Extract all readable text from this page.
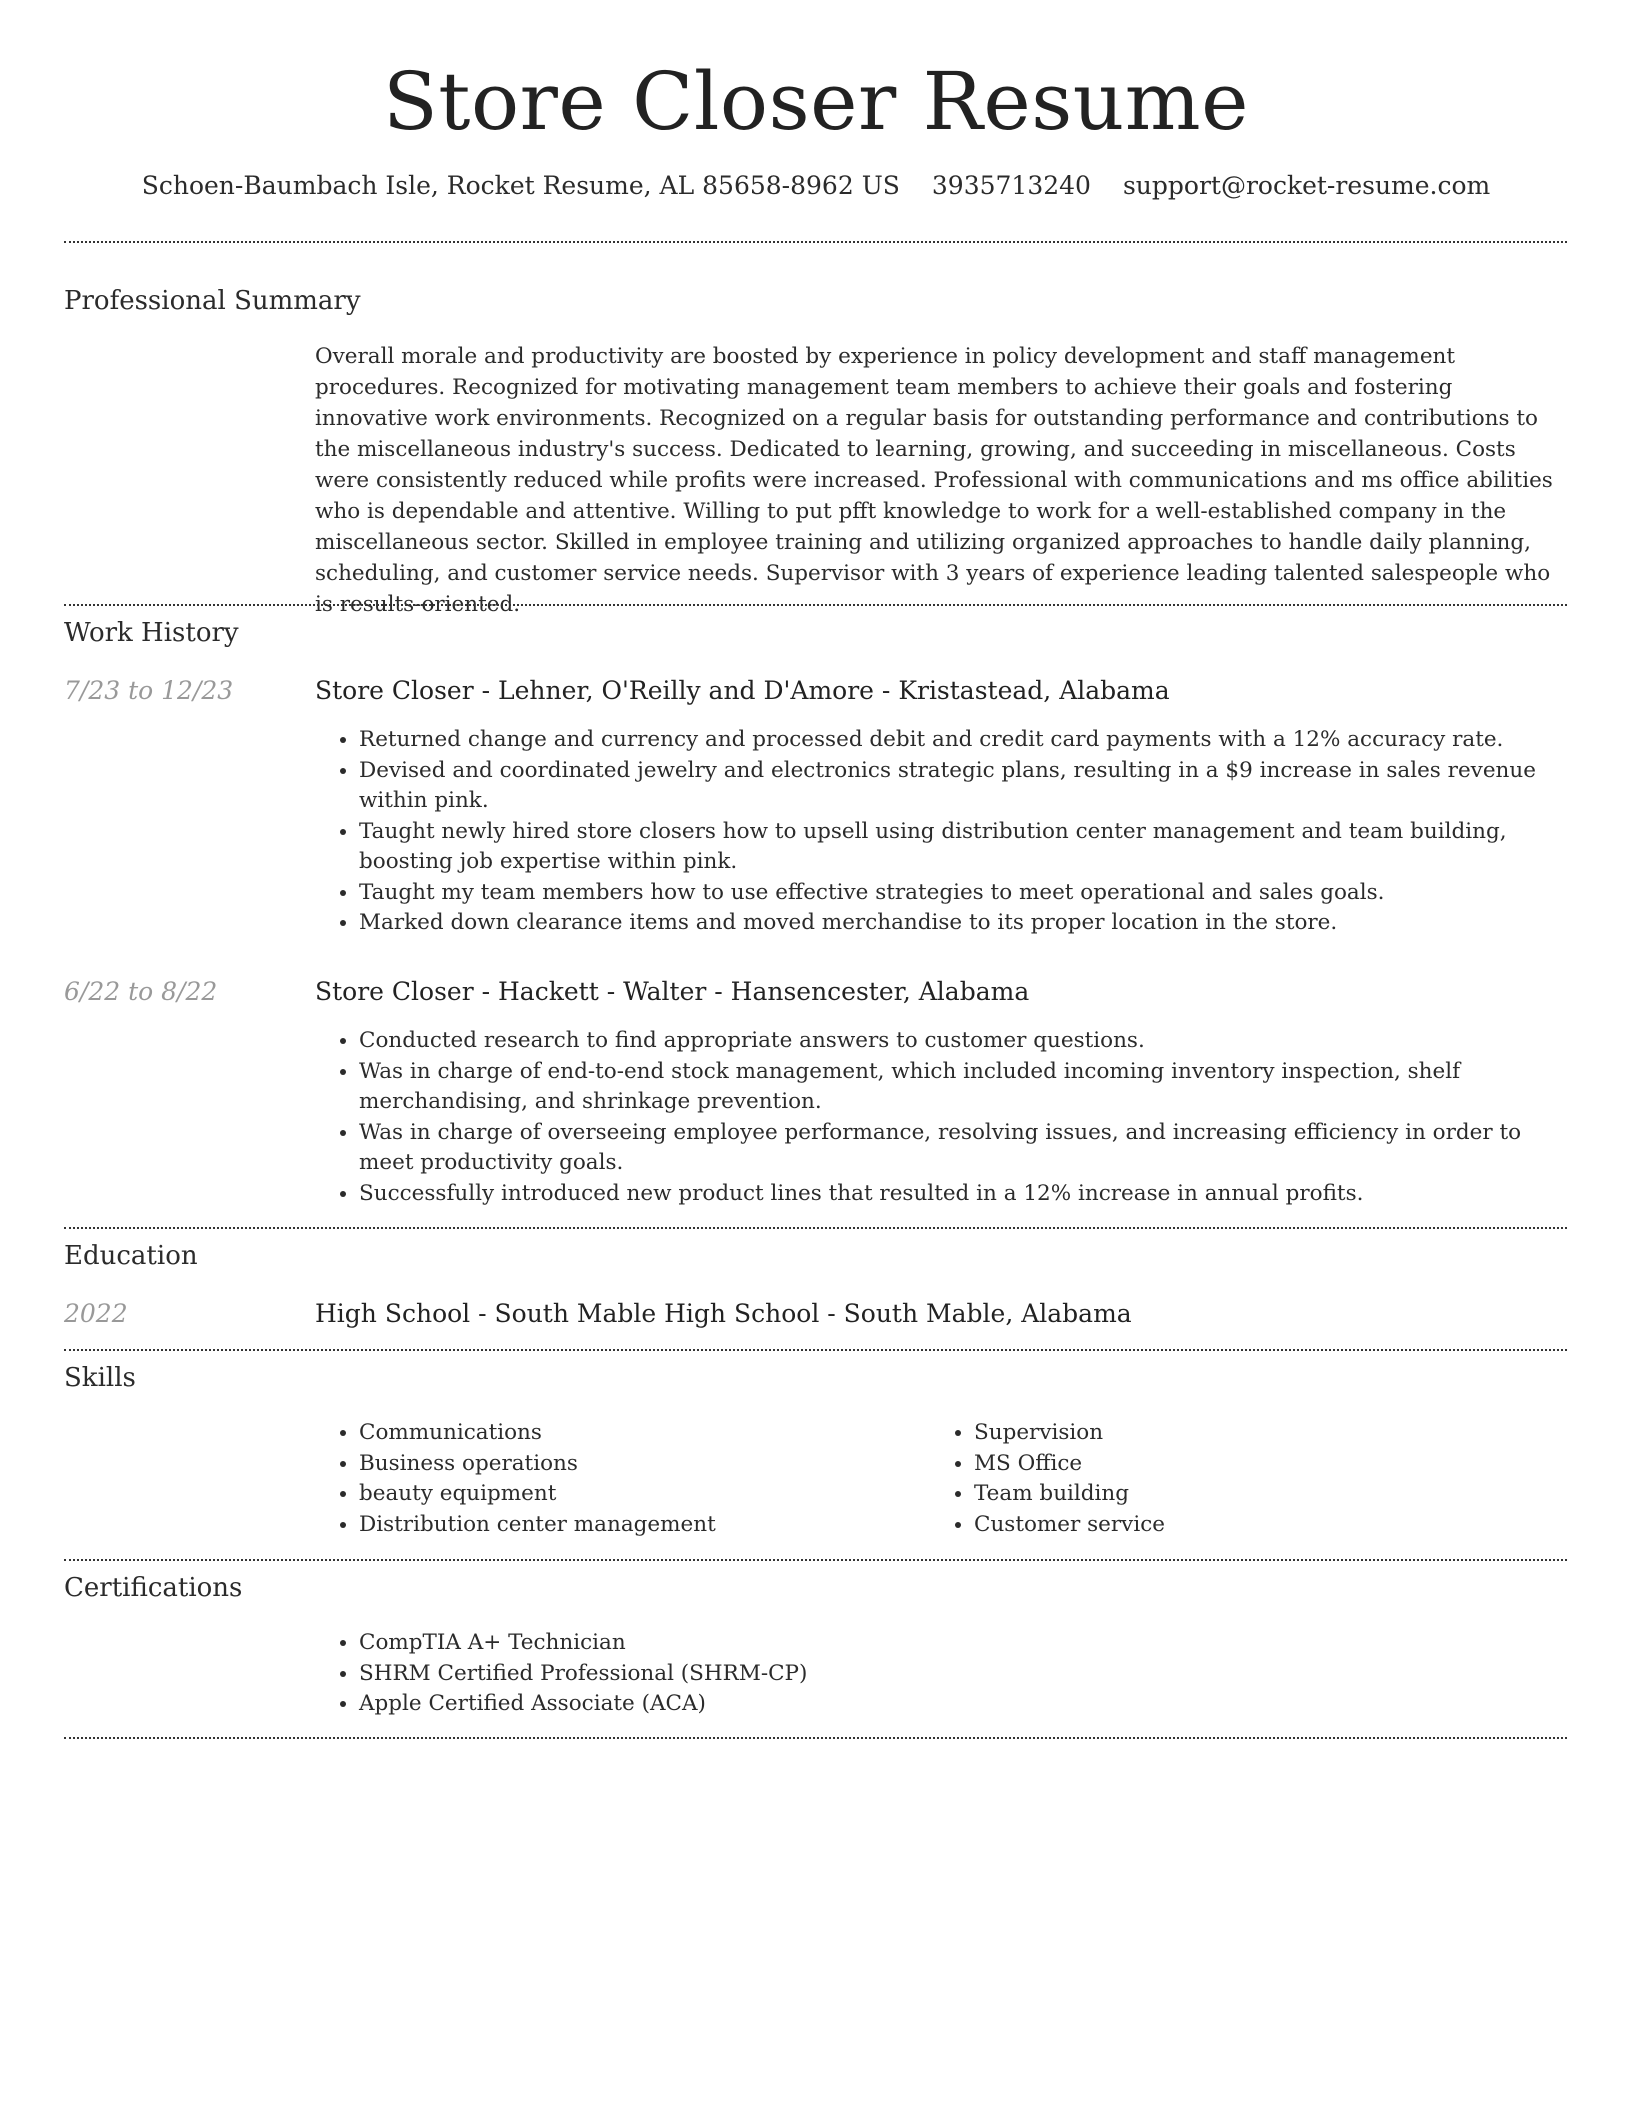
Store Closer Resume
Schoen-Baumbach Isle, Rocket Resume, AL 85658-8962 US 3935713240 support@rocket-resume.com
Professional Summary

Overall morale and productivity are boosted by experience in policy development and staff management procedures. Recognized for motivating management team members to achieve their goals and fostering innovative work environments. Recognized on a regular basis for outstanding performance and contributions to the miscellaneous industry's success. Dedicated to learning, growing, and succeeding in miscellaneous. Costs were consistently reduced while profits were increased. Professional with communications and ms office abilities who is dependable and attentive. Willing to put pfft knowledge to work for a well-established company in the miscellaneous sector. Skilled in employee training and utilizing organized approaches to handle daily planning, scheduling, and customer service needs. Supervisor with 3 years of experience leading talented salespeople who is results-oriented.

Work History
7/23 to 12/23	Store Closer - Lehner, O'Reilly and D'Amore - Kristastead, Alabama
• Returned change and currency and processed debit and credit card payments with a 12% accuracy rate.
• Devised and coordinated jewelry and electronics strategic plans, resulting in a $9 increase in sales revenue within pink.
• Taught newly hired store closers how to upsell using distribution center management and team building, boosting job expertise within pink.
• Taught my team members how to use effective strategies to meet operational and sales goals.
• Marked down clearance items and moved merchandise to its proper location in the store.
6/22 to 8/22	Store Closer - Hackett - Walter - Hansencester, Alabama
• Conducted research to find appropriate answers to customer questions.
• Was in charge of end-to-end stock management, which included incoming inventory inspection, shelf merchandising, and shrinkage prevention.
• Was in charge of overseeing employee performance, resolving issues, and increasing efficiency in order to meet productivity goals.
• Successfully introduced new product lines that resulted in a 12% increase in annual profits.
Education
2022	High School - South Mable High School - South Mable, Alabama
Skills
• Communications
• Business operations
• beauty equipment
• Distribution center management
• Supervision
• MS Office
• Team building
• Customer service
Certifications
• CompTIA A+ Technician
• SHRM Certified Professional (SHRM-CP)
• Apple Certified Associate (ACA)
